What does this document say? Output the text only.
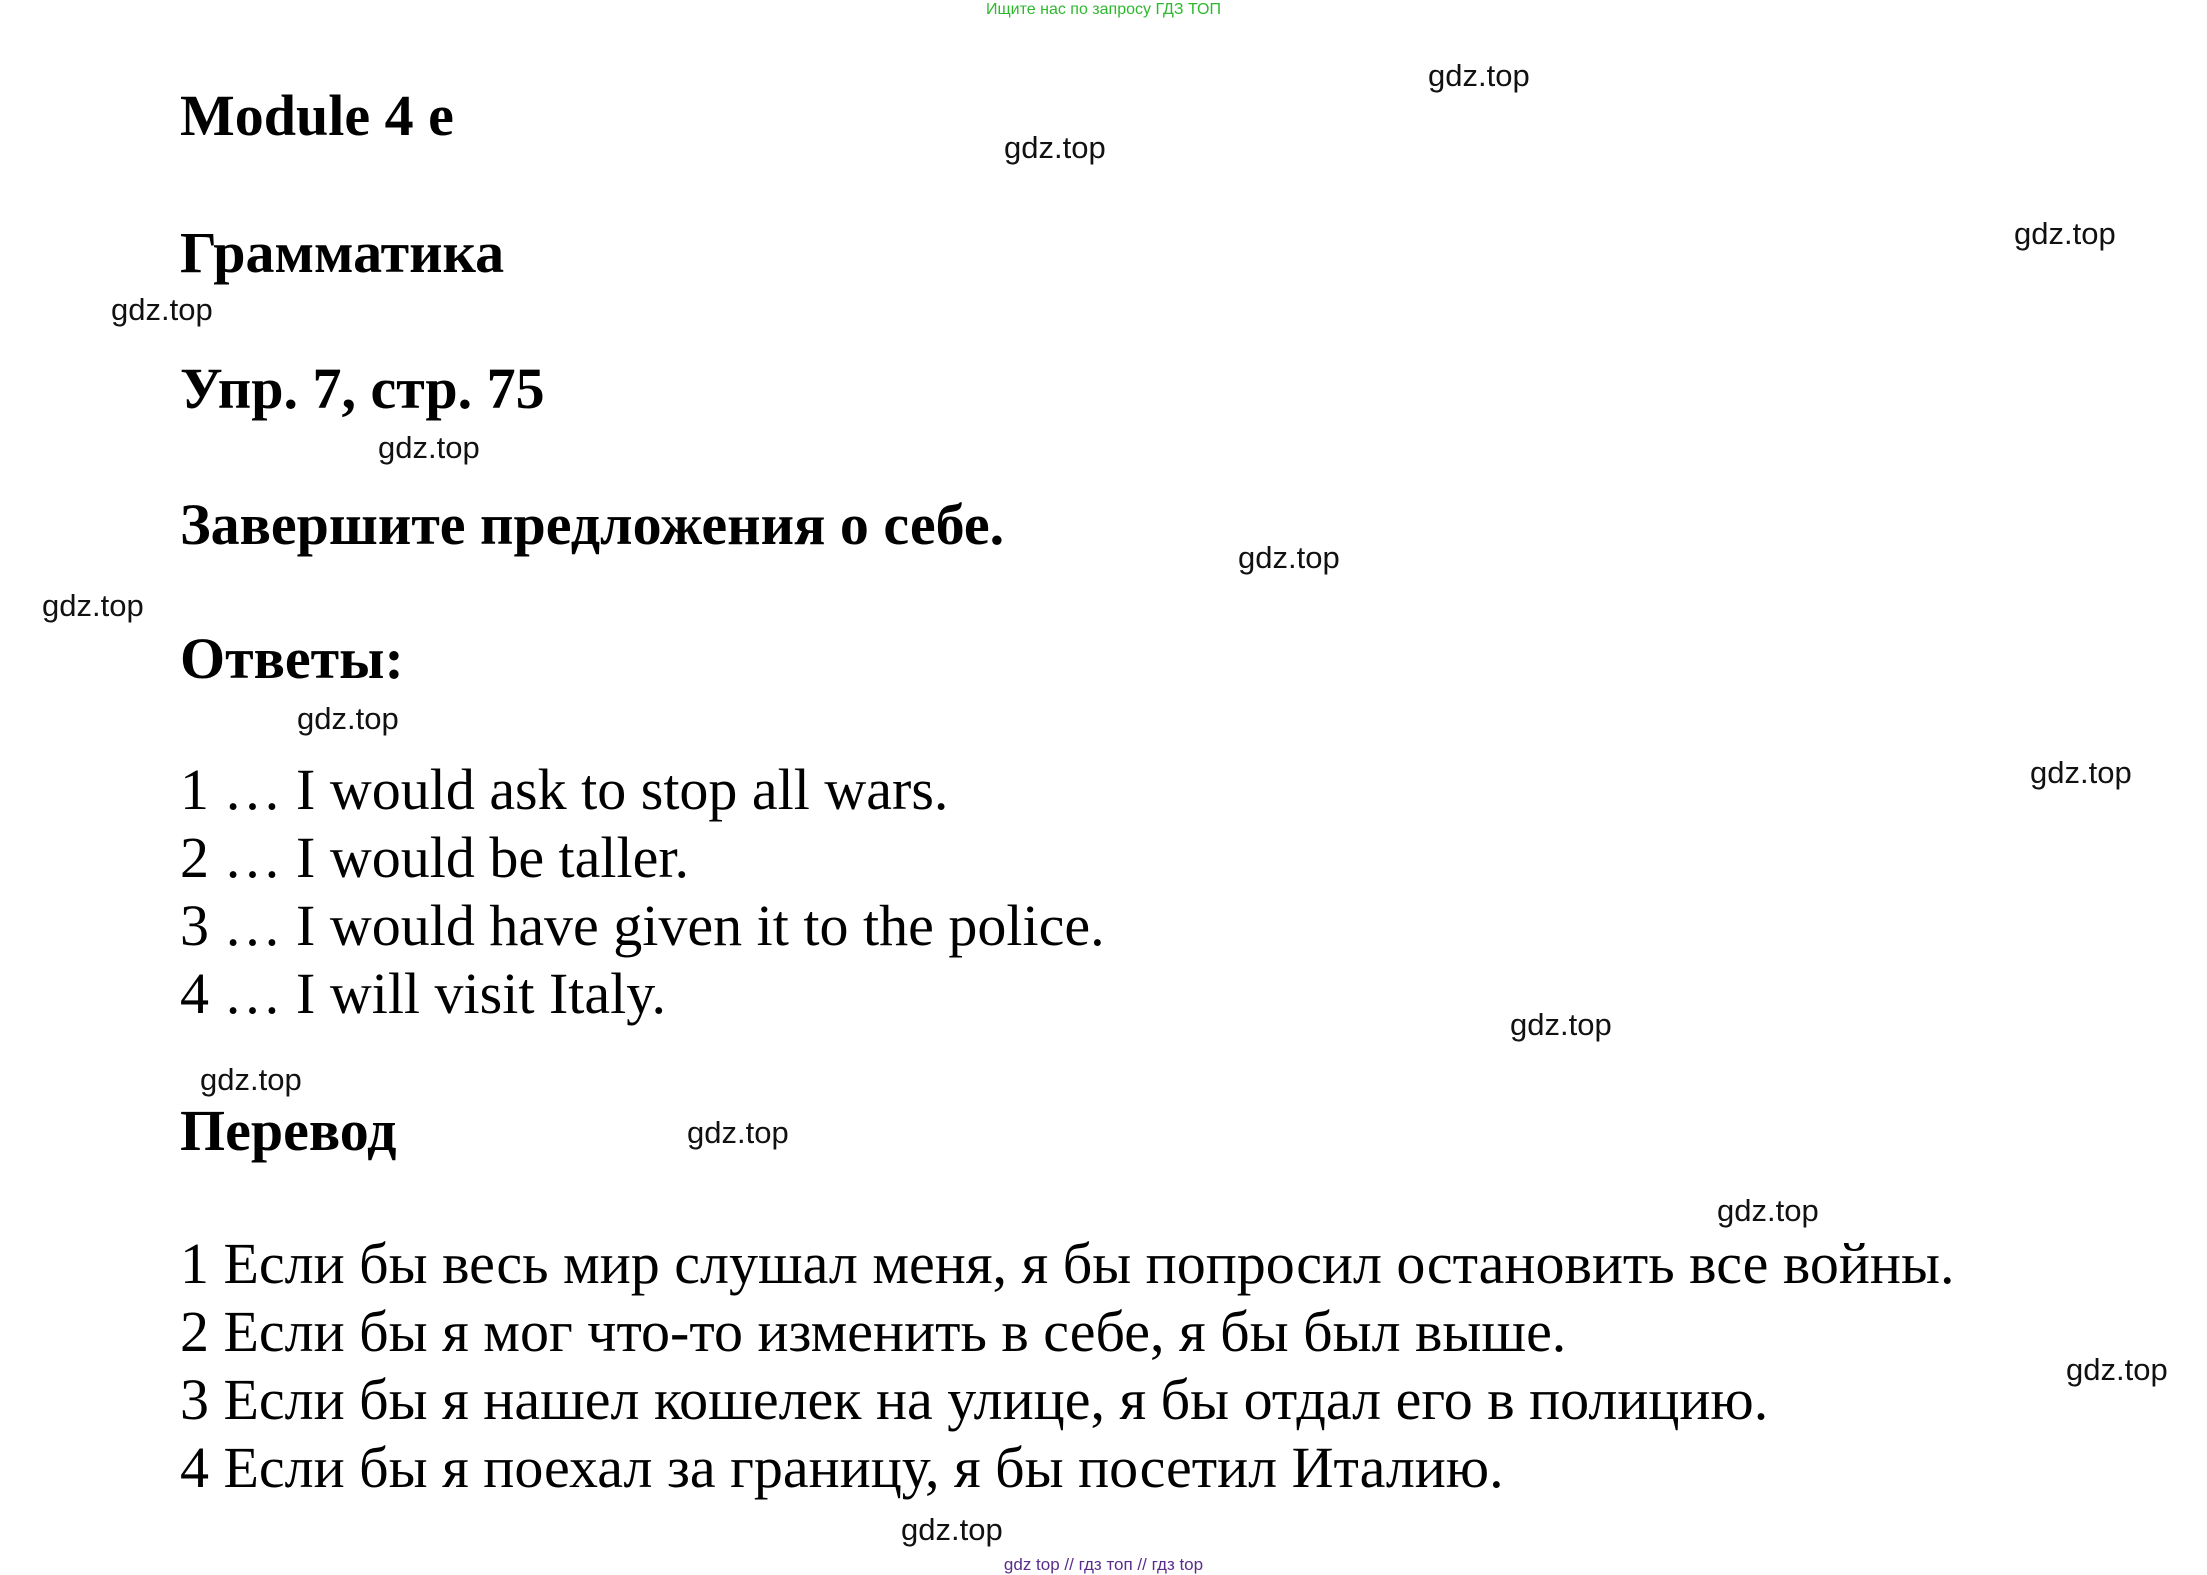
Ищите нас по запросу ГДЗ ТОП
Module 4 e
Грамматика
Упр. 7, стр. 75
Завершите предложения о себе.
Ответы:
1 … I would ask to stop all wars.
2 … I would be taller.
3 … I would have given it to the police.
4 … I will visit Italy.
Перевод
1 Если бы весь мир слушал меня, я бы попросил остановить все войны.
2 Если бы я мог что-то изменить в себе, я бы был выше.
3 Если бы я нашел кошелек на улице, я бы отдал его в полицию.
4 Если бы я поехал за границу, я бы посетил Италию.
gdz.top
gdz.top
gdz.top
gdz.top
gdz.top
gdz.top
gdz.top
gdz.top
gdz.top
gdz.top
gdz.top
gdz.top
gdz.top
gdz.top
gdz.top
gdz top // гдз топ // гдз top
